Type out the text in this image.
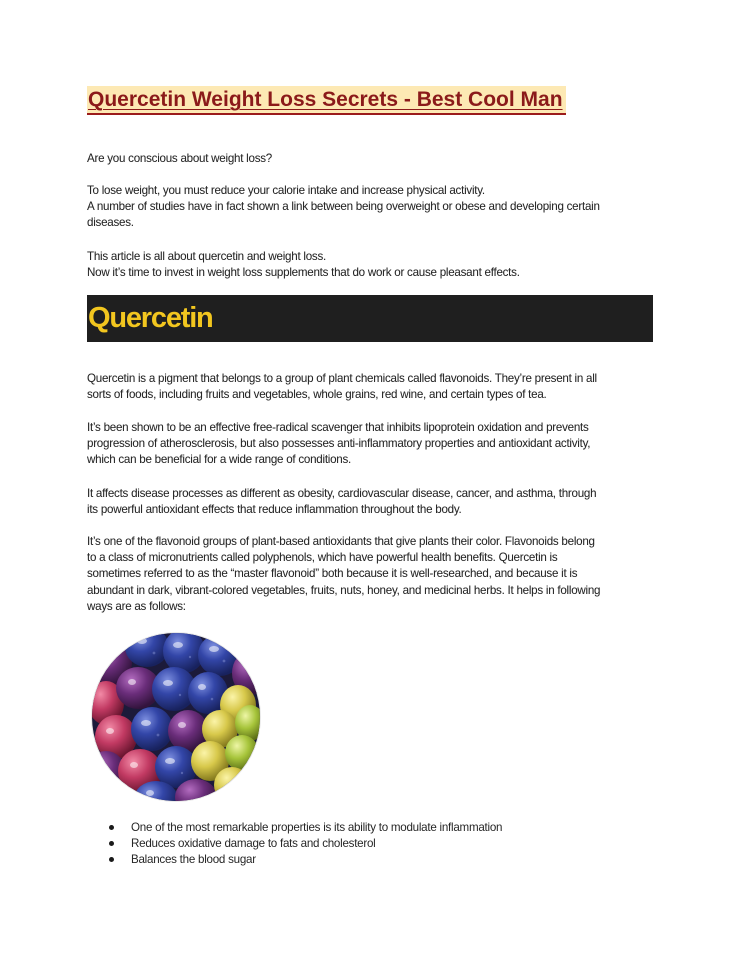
Quercetin Weight Loss Secrets - Best Cool Man
Are you conscious about weight loss?
To lose weight, you must reduce your calorie intake and increase physical activity.
A number of studies have in fact shown a link between being overweight or obese and developing certain
diseases.
This article is all about quercetin and weight loss.
Now it’s time to invest in weight loss supplements that do work or cause pleasant effects.
Quercetin
Quercetin is a pigment that belongs to a group of plant chemicals called flavonoids. They’re present in all
sorts of foods, including fruits and vegetables, whole grains, red wine, and certain types of tea.
It’s been shown to be an effective free-radical scavenger that inhibits lipoprotein oxidation and prevents
progression of atherosclerosis, but also possesses anti-inflammatory properties and antioxidant activity,
which can be beneficial for a wide range of conditions.
It affects disease processes as different as obesity, cardiovascular disease, cancer, and asthma, through
its powerful antioxidant effects that reduce inflammation throughout the body.
It’s one of the flavonoid groups of plant-based antioxidants that give plants their color. Flavonoids belong
to a class of micronutrients called polyphenols, which have powerful health benefits. Quercetin is
sometimes referred to as the “master flavonoid” both because it is well-researched, and because it is
abundant in dark, vibrant-colored vegetables, fruits, nuts, honey, and medicinal herbs. It helps in following
ways are as follows:
One of the most remarkable properties is its ability to modulate inflammation
Reduces oxidative damage to fats and cholesterol
Balances the blood sugar
